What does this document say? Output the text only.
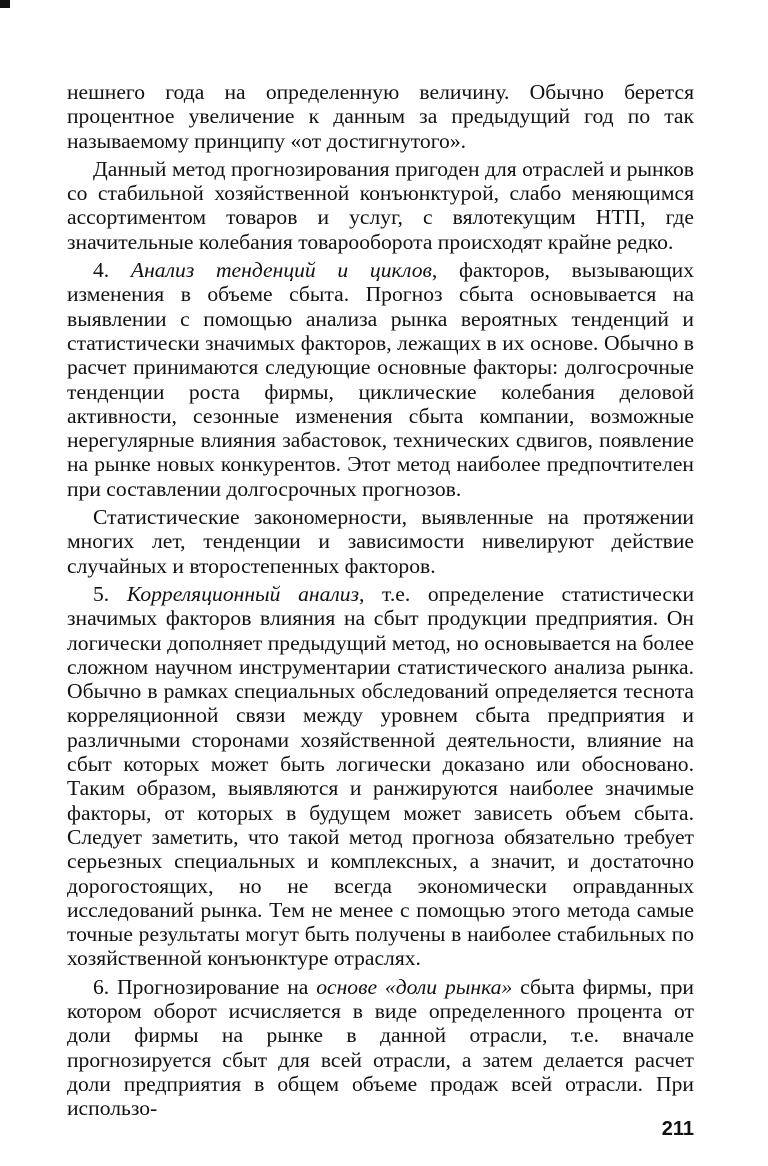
нешнего года на определенную величину. Обычно берется процентное увеличение к данным за предыдущий год по так называемому принципу «от достигнутого».

Данный метод прогнозирования пригоден для отраслей и рынков со стабильной хозяйственной конъюнктурой, слабо меняющимся ассортиментом товаров и услуг, с вялотекущим НТП, где значительные колебания товарооборота происходят крайне редко.

4. Анализ тенденций и циклов, факторов, вызывающих изменения в объеме сбыта. Прогноз сбыта основывается на выявлении с помощью анализа рынка вероятных тенденций и статистически значимых факторов, лежащих в их основе. Обычно в расчет принимаются следующие основные факторы: долгосрочные тенденции роста фирмы, циклические колебания деловой активности, сезонные изменения сбыта компании, возможные нерегулярные влияния забастовок, технических сдвигов, появление на рынке новых конкурентов. Этот метод наиболее предпочтителен при составлении долгосрочных прогнозов.

Статистические закономерности, выявленные на протяжении многих лет, тенденции и зависимости нивелируют действие случайных и второстепенных факторов.

5. Корреляционный анализ, т.е. определение статистически значимых факторов влияния на сбыт продукции предприятия. Он логически дополняет предыдущий метод, но основывается на более сложном научном инструментарии статистического анализа рынка. Обычно в рамках специальных обследований определяется теснота корреляционной связи между уровнем сбыта предприятия и различными сторонами хозяйственной деятельности, влияние на сбыт которых может быть логически доказано или обосновано. Таким образом, выявляются и ранжируются наиболее значимые факторы, от которых в будущем может зависеть объем сбыта. Следует заметить, что такой метод прогноза обязательно требует серьезных специальных и комплексных, а значит, и достаточно дорогостоящих, но не всегда экономически оправданных исследований рынка. Тем не менее с помощью этого метода самые точные результаты могут быть получены в наиболее стабильных по хозяйственной конъюнктуре отраслях.

6. Прогнозирование на основе «доли рынка» сбыта фирмы, при котором оборот исчисляется в виде определенного процента от доли фирмы на рынке в данной отрасли, т.е. вначале прогнозируется сбыт для всей отрасли, а затем делается расчет доли предприятия в общем объеме продаж всей отрасли. При использо-

211
